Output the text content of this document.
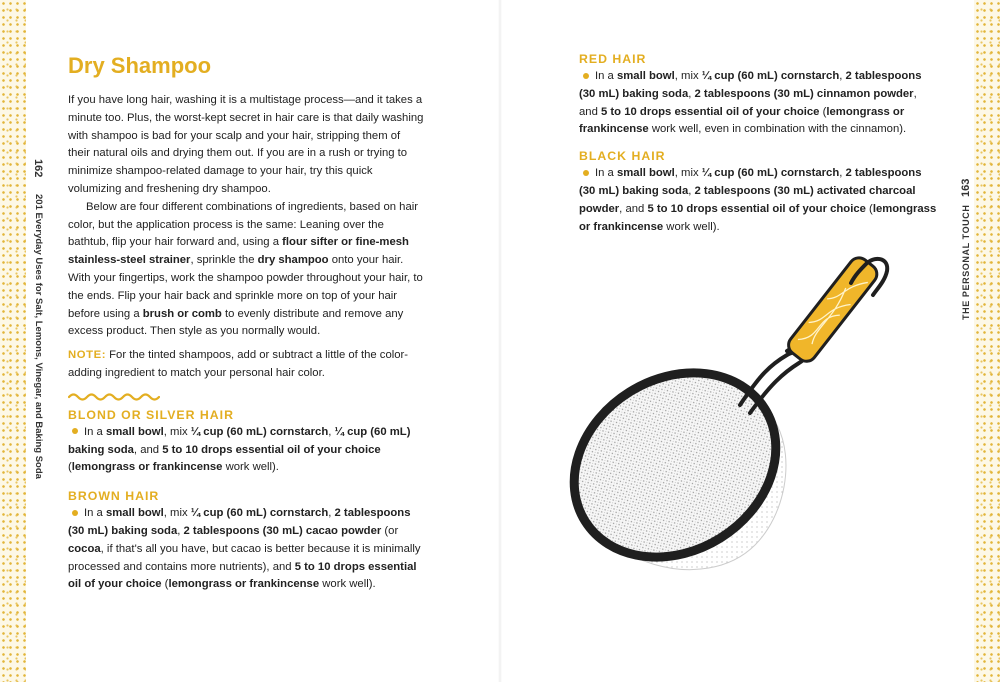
162 201 Everyday Uses for Salt, Lemons, Vinegar, and Baking Soda	THE PERSONAL TOUCH
163
Dry Shampoo

If you have long hair, washing it is a multistage process—and it takes a minute too. Plus, the worst-kept secret in hair care is that daily washing with shampoo is bad for your scalp and your hair, stripping them of their natural oils and drying them out. If you are in a rush or trying to minimize shampoo-related damage to your hair, try this quick volumizing and freshening dry shampoo.

Below are four different combinations of ingredients, based on hair color, but the application process is the same: Leaning over the bathtub, flip your hair forward and, using a flour sifter or fine-mesh stainless-steel strainer, sprinkle the dry shampoo onto your hair. With your fingertips, work the shampoo powder throughout your hair, to the ends. Flip your hair back and sprinkle more on top of your hair before using a brush or comb to evenly distribute and remove any excess product. Then style as you normally would.

NOTE: For the tinted shampoos, add or subtract a little of the color-adding ingredient to match your personal hair color.

BLOND OR SILVER HAIR

In a small bowl, mix ¼ cup (60 mL) cornstarch, ¼ cup (60 mL) baking soda, and 5 to 10 drops essential oil of your choice (lemongrass or frankincense work well).

BROWN HAIR

In a small bowl, mix ¼ cup (60 mL) cornstarch, 2 tablespoons (30 mL) baking soda, 2 tablespoons (30 mL) cacao powder (or cocoa, if that's all you have, but cacao is better because it is minimally processed and contains more nutrients), and 5 to 10 drops essential oil of your choice (lemongrass or frankincense work well).

RED HAIR

In a small bowl, mix ¼ cup (60 mL) cornstarch, 2 tablespoons (30 mL) baking soda, 2 tablespoons (30 mL) cinnamon powder, and 5 to 10 drops essential oil of your choice (lemongrass or frankincense work well, even in combination with the cinnamon).

BLACK HAIR

In a small bowl, mix ¼ cup (60 mL) cornstarch, 2 tablespoons (30 mL) baking soda, 2 tablespoons (30 mL) activated charcoal powder, and 5 to 10 drops essential oil of your choice (lemongrass or frankincense work well).
